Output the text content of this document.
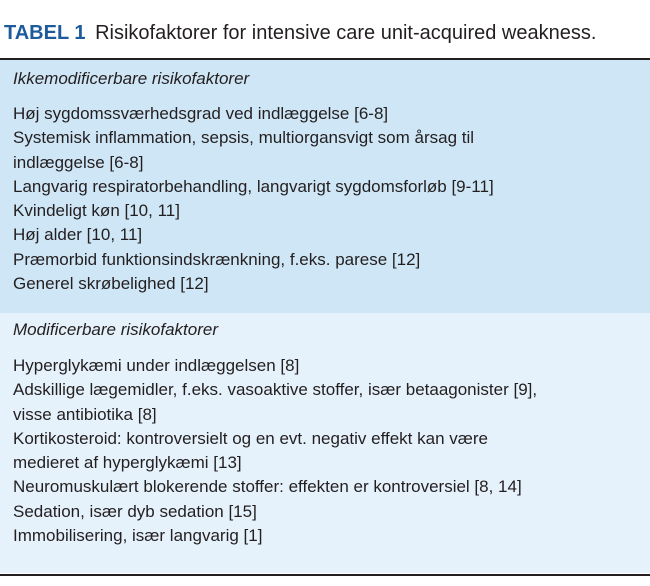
TABEL 1 Risikofaktorer for intensive care unit-acquired weakness.
Ikkemodificerbare risikofaktorer
Høj sygdomssværhedsgrad ved indlæggelse [6-8]
Systemisk inflammation, sepsis, multiorgansvigt som årsag til
indlæggelse [6-8]
Langvarig respiratorbehandling, langvarigt sygdomsforløb [9-11]
Kvindeligt køn [10, 11]
Høj alder [10, 11]
Præmorbid funktionsindskrænkning, f.eks. parese [12]
Generel skrøbelighed [12]
Modificerbare risikofaktorer
Hyperglykæmi under indlæggelsen [8]
Adskillige lægemidler, f.eks. vasoaktive stoffer, især betaagonister [9],
visse antibiotika [8]
Kortikosteroid: kontroversielt og en evt. negativ effekt kan være
medieret af hyperglykæmi [13]
Neuromuskulært blokerende stoffer: effekten er kontroversiel [8, 14]
Sedation, især dyb sedation [15]
Immobilisering, især langvarig [1]
